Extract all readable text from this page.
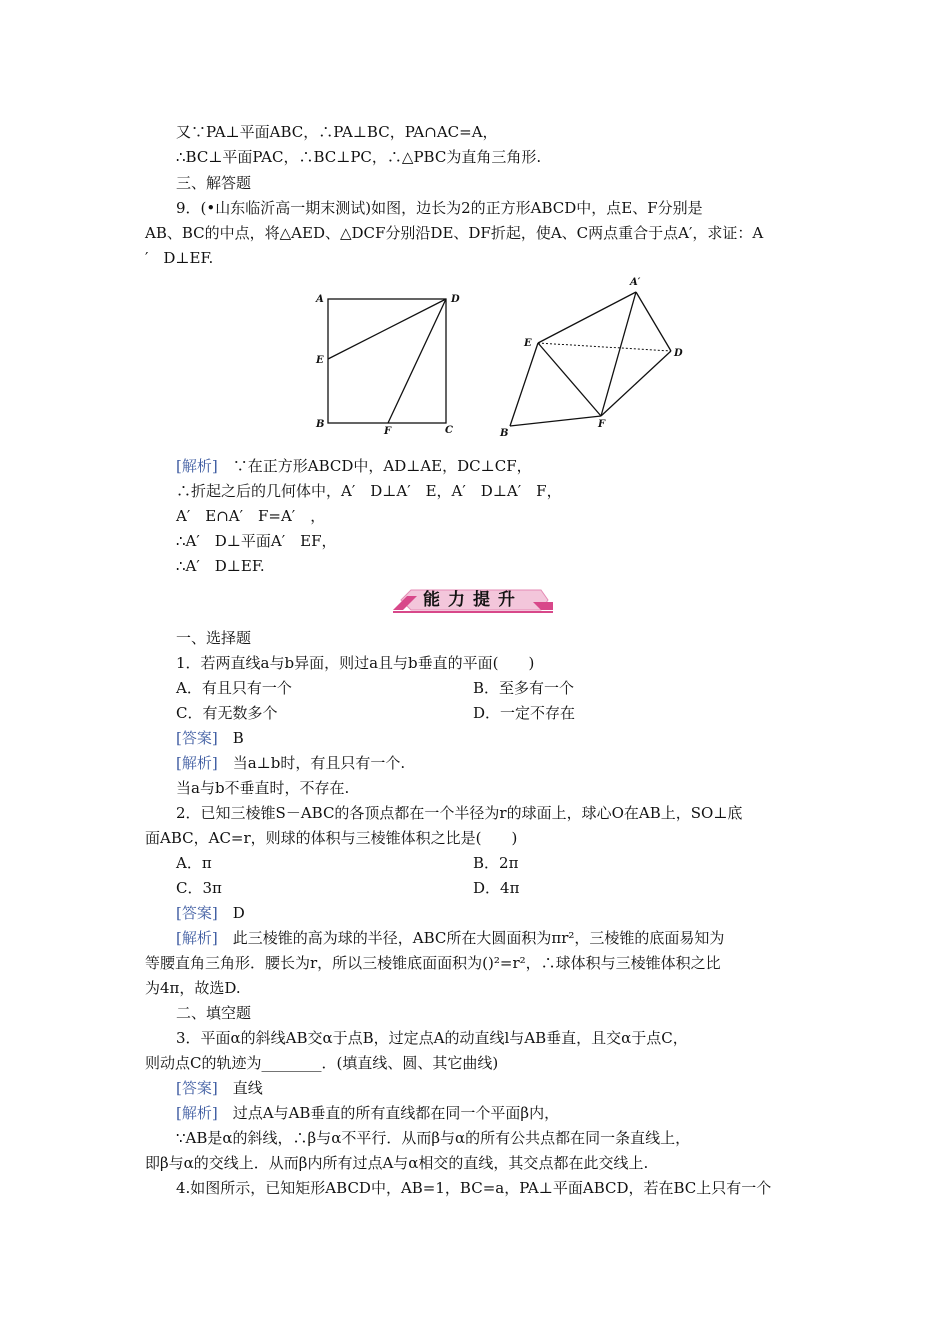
又∵PA⊥平面ABC，∴PA⊥BC，PA∩AC=A，
∴BC⊥平面PAC，∴BC⊥PC，∴△PBC为直角三角形.
三、解答题
9．(•山东临沂高一期末测试)如图，边长为2的正方形ABCD中，点E、F分别是
AB、BC的中点，将△AED、△DCF分别沿DE、DF折起，使A、C两点重合于点A′，求证：A
′　D⊥EF.
A	D
E
B
F	C
A′
E
D
F
B
[解析]　 ∵在正方形ABCD中，AD⊥AE，DC⊥CF，
∴折起之后的几何体中，A′　D⊥A′　E，A′　D⊥A′　F，
A′　E∩A′　F=A′　，
∴A′　D⊥平面A′　EF，
∴A′　D⊥EF.
能力提升
一、选择题
1．若两直线a与b异面，则过a且与b垂直的平面(　　)
A．有且只有一个	B．至多有一个
C．有无数多个	D．一定不存在
[答案]　 B
[解析]　 当a⊥b时，有且只有一个.
当a与b不垂直时，不存在.
2．已知三棱锥S－ABC的各顶点都在一个半径为r的球面上，球心O在AB上，SO⊥底
面ABC，AC=r，则球的体积与三棱锥体积之比是(　　)
A．π	B．2π
C．3π	D．4π
[答案]　 D
[解析]　 此三棱锥的高为球的半径，ABC所在大圆面积为πr²，三棱锥的底面易知为
等腰直角三角形．腰长为r，所以三棱锥底面面积为()²=r²，∴球体积与三棱锥体积之比
为4π，故选D.
二、填空题
3．平面α的斜线AB交α于点B，过定点A的动直线l与AB垂直，且交α于点C，
则动点C的轨迹为________．(填直线、圆、其它曲线)
[答案]　 直线
[解析]　 过点A与AB垂直的所有直线都在同一个平面β内，
∵AB是α的斜线，∴β与α不平行．从而β与α的所有公共点都在同一条直线上，
即β与α的交线上．从而β内所有过点A与α相交的直线，其交点都在此交线上.
4.如图所示，已知矩形ABCD中，AB=1，BC=a，PA⊥平面ABCD，若在BC上只有一个
